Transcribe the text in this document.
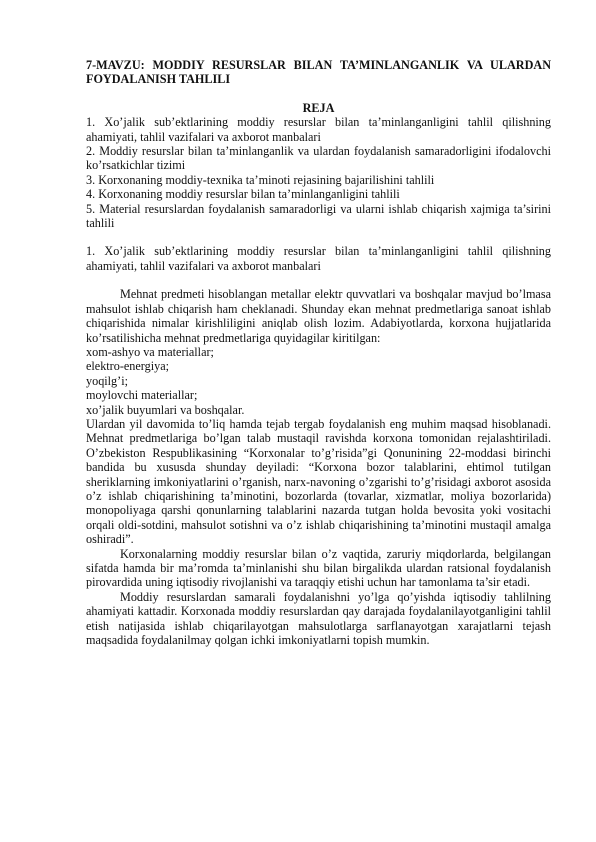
7-MAVZU: MODDIY RESURSLAR BILAN TA’MINLANGANLIK VA ULARDAN FOYDALANISH TAHLILI

REJA

1. Xo’jalik sub’ektlarining moddiy resurslar bilan ta’minlanganligini tahlil qilishning ahamiyati, tahlil vazifalari va axborot manbalari

2. Moddiy resurslar bilan ta’minlanganlik va ulardan foydalanish samaradorligini ifodalovchi ko’rsatkichlar tizimi

3. Korxonaning moddiy-texnika ta’minoti rejasining bajarilishini tahlili

4. Korxonaning moddiy resurslar bilan ta’minlanganligini tahlili

5. Material resurslardan foydalanish samaradorligi va ularni ishlab chiqarish xajmiga ta’sirini tahlili

1. Xo’jalik sub’ektlarining moddiy resurslar bilan ta’minlanganligini tahlil qilishning ahamiyati, tahlil vazifalari va axborot manbalari

Mehnat predmeti hisoblangan metallar elektr quvvatlari va boshqalar mavjud bo’lmasa mahsulot ishlab chiqarish ham cheklanadi. Shunday ekan mehnat predmetlariga sanoat ishlab chiqarishida nimalar kirishliligini aniqlab olish lozim. Adabiyotlarda, korxona hujjatlarida ko’rsatilishicha mehnat predmetlariga quyidagilar kiritilgan:

xom-ashyo va materiallar;

elektro-energiya;

yoqilg’i;

moylovchi materiallar;

xo’jalik buyumlari va boshqalar.

Ulardan yil davomida to’liq hamda tejab tergab foydalanish eng muhim maqsad hisoblanadi. Mehnat predmetlariga bo’lgan talab mustaqil ravishda korxona tomonidan rejalashtiriladi. O’zbekiston Respublikasining “Korxonalar to’g’risida”gi Qonunining 22-moddasi birinchi bandida bu xususda shunday deyiladi: “Korxona bozor talablarini, ehtimol tutilgan sheriklarning imkoniyatlarini o’rganish, narx-navoning o’zgarishi to’g’risidagi axborot asosida o’z ishlab chiqarishining ta’minotini, bozorlarda (tovarlar, xizmatlar, moliya bozorlarida) monopoliyaga qarshi qonunlarning talablarini nazarda tutgan holda bevosita yoki vositachi orqali oldi-sotdini, mahsulot sotishni va o’z ishlab chiqarishining ta’minotini mustaqil amalga oshiradi”.

Korxonalarning moddiy resurslar bilan o’z vaqtida, zaruriy miqdorlarda, belgilangan sifatda hamda bir ma’romda ta’minlanishi shu bilan birgalikda ulardan ratsional foydalanish pirovardida uning iqtisodiy rivojlanishi va taraqqiy etishi uchun har tamonlama ta’sir etadi.

Moddiy resurslardan samarali foydalanishni yo’lga qo’yishda iqtisodiy tahlilning ahamiyati kattadir. Korxonada moddiy resurslardan qay darajada foydalanilayotganligini tahlil etish natijasida ishlab chiqarilayotgan mahsulotlarga sarflanayotgan xarajatlarni tejash maqsadida foydalanilmay qolgan ichki imkoniyatlarni topish mumkin.
